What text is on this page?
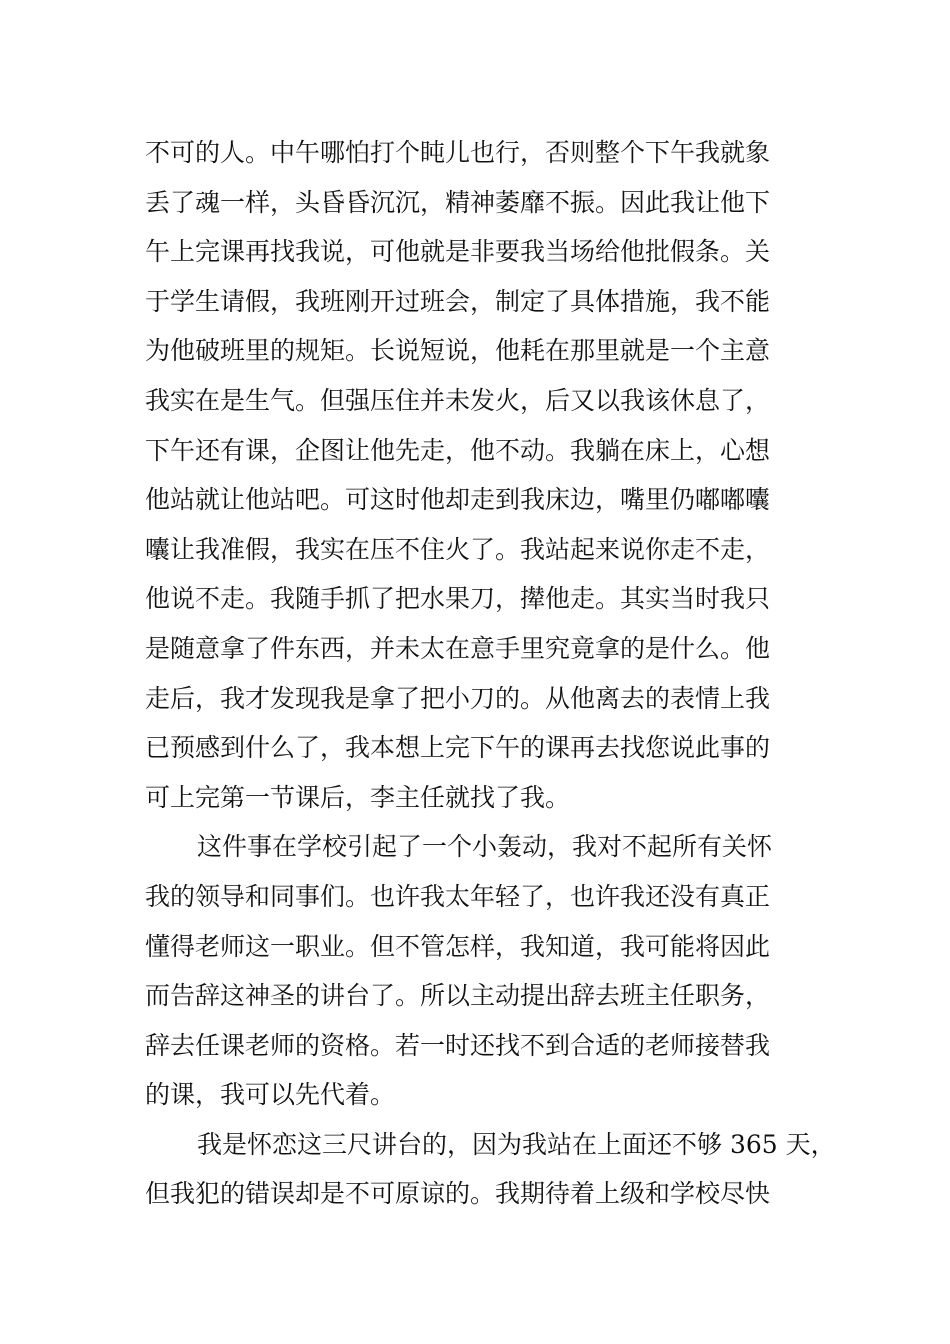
不可的人。中午哪怕打个盹儿也行，否则整个下午我就象
丢了魂一样，头昏昏沉沉，精神萎靡不振。因此我让他下
午上完课再找我说，可他就是非要我当场给他批假条。关
于学生请假，我班刚开过班会，制定了具体措施，我不能
为他破班里的规矩。长说短说，他耗在那里就是一个主意
我实在是生气。但强压住并未发火，后又以我该休息了，
下午还有课，企图让他先走，他不动。我躺在床上，心想
他站就让他站吧。可这时他却走到我床边，嘴里仍嘟嘟囔
囔让我准假，我实在压不住火了。我站起来说你走不走，
他说不走。我随手抓了把水果刀，撵他走。其实当时我只
是随意拿了件东西，并未太在意手里究竟拿的是什么。他
走后，我才发现我是拿了把小刀的。从他离去的表情上我
已预感到什么了，我本想上完下午的课再去找您说此事的
可上完第一节课后，李主任就找了我。
这件事在学校引起了一个小轰动，我对不起所有关怀
我的领导和同事们。也许我太年轻了，也许我还没有真正
懂得老师这一职业。但不管怎样，我知道，我可能将因此
而告辞这神圣的讲台了。所以主动提出辞去班主任职务，
辞去任课老师的资格。若一时还找不到合适的老师接替我
的课，我可以先代着。
我是怀恋这三尺讲台的，因为我站在上面还不够 365 天，
但我犯的错误却是不可原谅的。我期待着上级和学校尽快
